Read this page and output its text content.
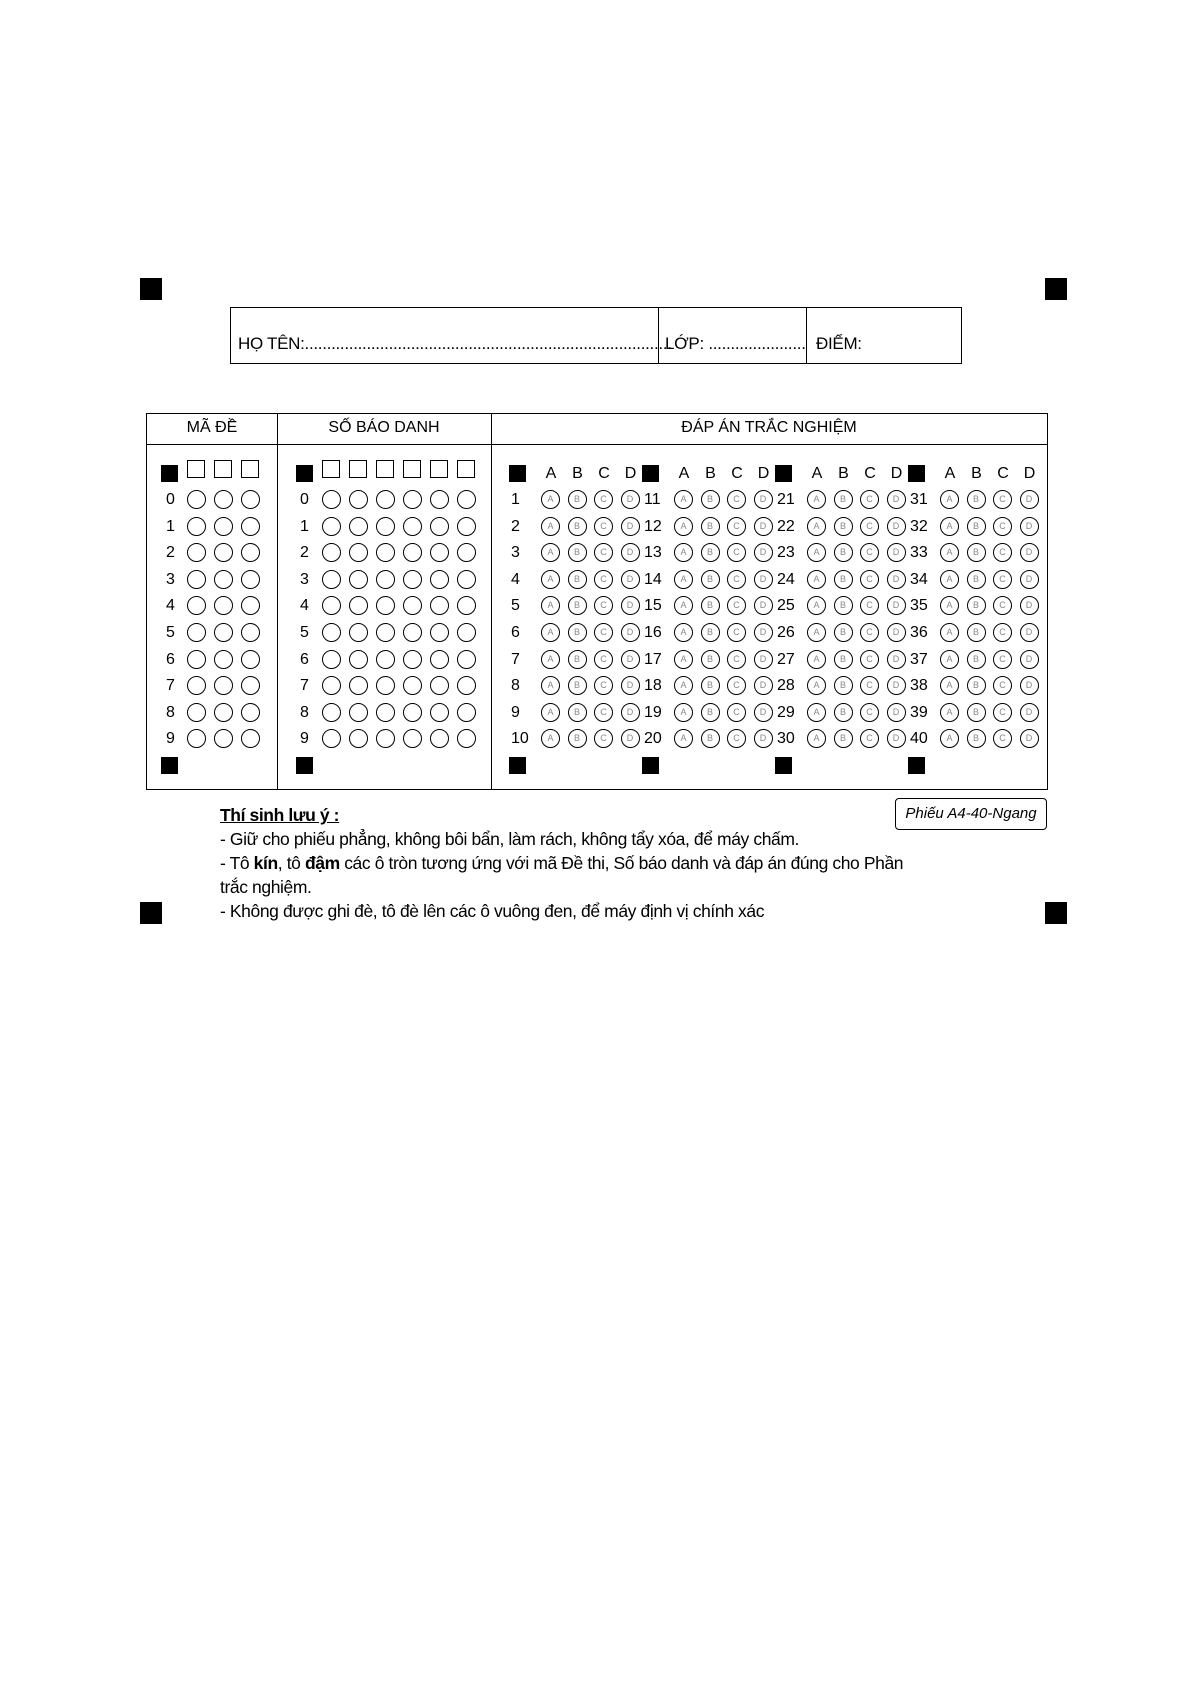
HỌ TÊN:...................................................................................
LỚP: ...................... ĐIỂM:
MÃ ĐỀ	SỐ BÁO DANH	ĐÁP ÁN TRẮC NGHIỆM
0
1
2
3
4
5
6
7
8
9
0
1
2
3
4
5
6
7
8
9
A B C D
1	A	B	C	D
2	A	B	C	D
3	A	B	C	D
4	A	B	C	D
5	A	B	C	D
6	A	B	C	D
7	A	B	C	D
8	A	B	C	D
9	A	B	C	D
10	A	B	C	D
A B C D
11	A	B	C	D
12	A	B	C	D
13	A	B	C	D
14	A	B	C	D
15	A	B	C	D
16	A	B	C	D
17	A	B	C	D
18	A	B	C	D
19	A	B	C	D
20	A	B	C	D
A B C D
21	A	B	C	D
22	A	B	C	D
23	A	B	C	D
24	A	B	C	D
25	A	B	C	D
26	A	B	C	D
27	A	B	C	D
28	A	B	C	D
29	A	B	C	D
30	A	B	C	D
A B C D
31	A	B	C	D
32	A	B	C	D
33	A	B	C	D
34	A	B	C	D
35	A	B	C	D
36	A	B	C	D
37	A	B	C	D
38	A	B	C	D
39	A	B	C	D
40	A	B	C	D
Thí sinh lưu ý :
- Giữ cho phiếu phẳng, không bôi bẩn, làm rách, không tẩy xóa, để máy chấm.
- Tô kín, tô đậm các ô tròn tương ứng với mã Đề thi, Số báo danh và đáp án đúng cho Phần
trắc nghiệm.
- Không được ghi đè, tô đè lên các ô vuông đen, để máy định vị chính xác
Phiếu A4-40-Ngang
